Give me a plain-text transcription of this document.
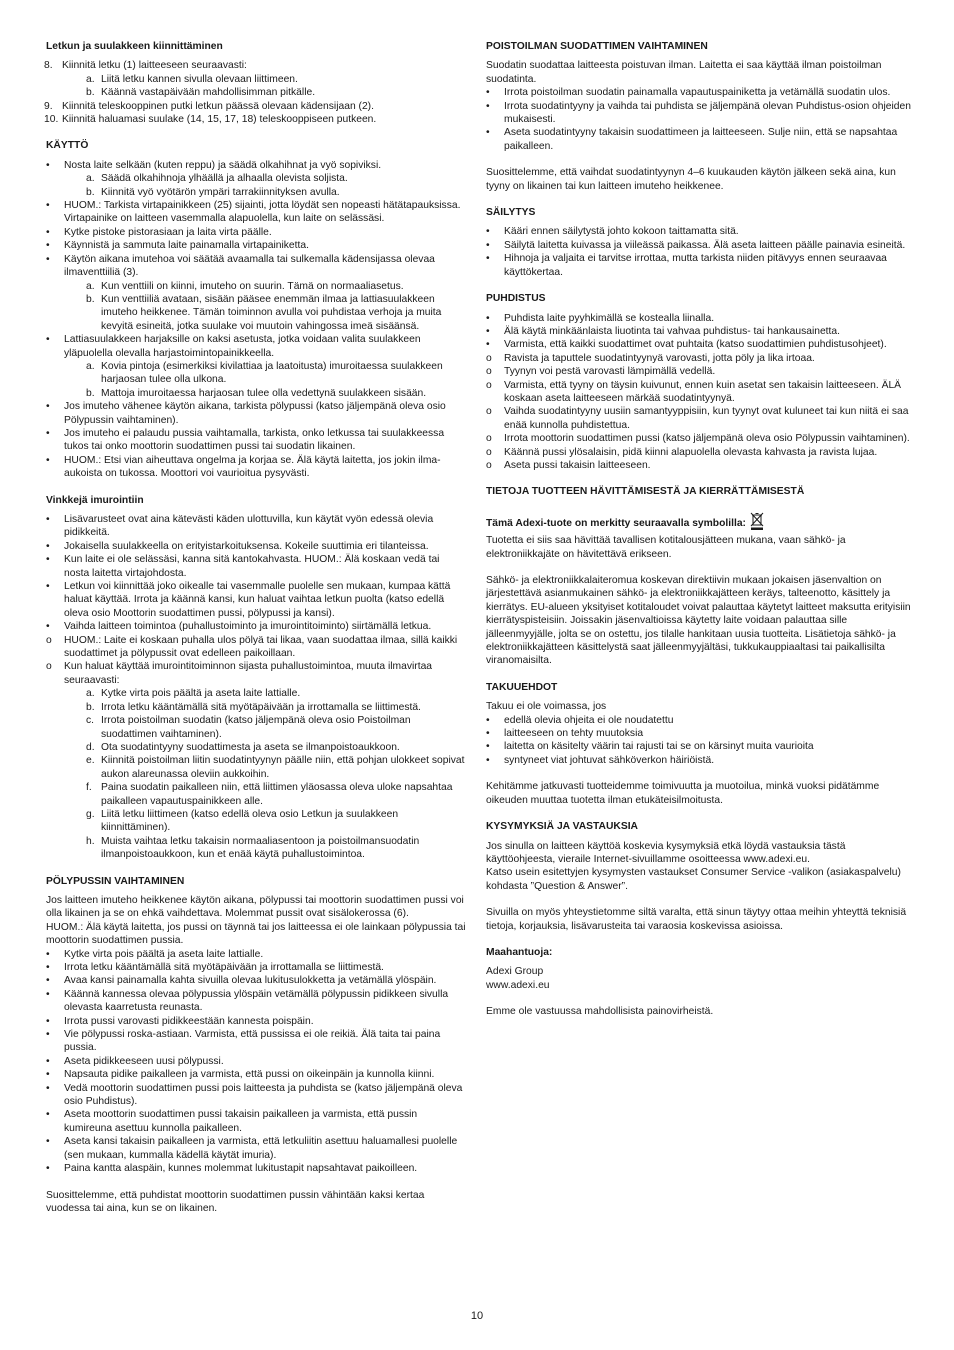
Letkun ja suulakkeen kiinnittäminen
8. Kiinnitä letku (1) laitteeseen seuraavasti:
a. Liitä letku kannen sivulla olevaan liittimeen.
b. Käännä vastapäivään mahdollisimman pitkälle.
9. Kiinnitä teleskooppinen putki letkun päässä olevaan kädensijaan (2).
10. Kiinnitä haluamasi suulake (14, 15, 17, 18) teleskooppiseen putkeen.
KÄYTTÖ
•	Nosta laite selkään (kuten reppu) ja säädä olkahihnat ja vyö sopiviksi.
a. Säädä olkahihnoja ylhäällä ja alhaalla olevista soljista.
b. Kiinnitä vyö vyötärön ympäri tarrakiinnityksen avulla.
•	HUOM.: Tarkista virtapainikkeen (25) sijainti, jotta löydät sen nopeasti hätätapauksissa. Virtapainike on laitteen vasemmalla alapuolella, kun laite on selässäsi.
•	Kytke pistoke pistorasiaan ja laita virta päälle.
•	Käynnistä ja sammuta laite painamalla virtapainiketta.
•	Käytön aikana imutehoa voi säätää avaamalla tai sulkemalla kädensijassa olevaa ilmaventtiiliä (3).
a. Kun venttiili on kiinni, imuteho on suurin. Tämä on normaaliasetus.
b. Kun venttiiliä avataan, sisään pääsee enemmän ilmaa ja lattiasuulakkeen imuteho heikkenee. Tämän toiminnon avulla voi puhdistaa verhoja ja muita kevyitä esineitä, jotka suulake voi muutoin vahingossa imeä sisäänsä.
•	Lattiasuulakkeen harjaksille on kaksi asetusta, jotka voidaan valita suulakkeen yläpuolella olevalla harjastoimintopainikkeella.
a. Kovia pintoja (esimerkiksi kivilattiaa ja laatoitusta) imuroitaessa suulakkeen harjaosan tulee olla ulkona.
b. Mattoja imuroitaessa harjaosan tulee olla vedettynä suulakkeen sisään.
•	Jos imuteho vähenee käytön aikana, tarkista pölypussi (katso jäljempänä oleva osio Pölypussin vaihtaminen).
•	Jos imuteho ei palaudu pussia vaihtamalla, tarkista, onko letkussa tai suulakkeessa tukos tai onko moottorin suodattimen pussi tai suodatin likainen.
•	HUOM.: Etsi vian aiheuttava ongelma ja korjaa se. Älä käytä laitetta, jos jokin ilma-aukoista on tukossa. Moottori voi vaurioitua pysyvästi.
Vinkkejä imurointiin
•	Lisävarusteet ovat aina kätevästi käden ulottuvilla, kun käytät vyön edessä olevia pidikkeitä.
•	Jokaisella suulakkeella on erityistarkoituksensa. Kokeile suuttimia eri tilanteissa.
•	Kun laite ei ole selässäsi, kanna sitä kantokahvasta. HUOM.: Älä koskaan vedä tai nosta laitetta virtajohdosta.
•	Letkun voi kiinnittää joko oikealle tai vasemmalle puolelle sen mukaan, kumpaa kättä haluat käyttää. Irrota ja käännä kansi, kun haluat vaihtaa letkun puolta (katso edellä oleva osio Moottorin suodattimen pussi, pölypussi ja kansi).
•	Vaihda laitteen toimintoa (puhallustoiminto ja imurointitoiminto) siirtämällä letkua.
o	HUOM.: Laite ei koskaan puhalla ulos pölyä tai likaa, vaan suodattaa ilmaa, sillä kaikki suodattimet ja pölypussit ovat edelleen paikoillaan.
o	Kun haluat käyttää imurointitoiminnon sijasta puhallustoimintoa, muuta ilmavirtaa seuraavasti:
a. Kytke virta pois päältä ja aseta laite lattialle.
b. Irrota letku kääntämällä sitä myötäpäivään ja irrottamalla se liittimestä.
c. Irrota poistoilman suodatin (katso jäljempänä oleva osio Poistoilman suodattimen vaihtaminen).
d. Ota suodatintyyny suodattimesta ja aseta se ilmanpoistoaukkoon.
e. Kiinnitä poistoilman liitin suodatintyynyn päälle niin, että pohjan ulokkeet sopivat aukon alareunassa oleviin aukkoihin.
f. Paina suodatin paikalleen niin, että liittimen yläosassa oleva uloke napsahtaa paikalleen vapautuspainikkeen alle.
g. Liitä letku liittimeen (katso edellä oleva osio Letkun ja suulakkeen kiinnittäminen).
h. Muista vaihtaa letku takaisin normaaliasentoon ja poistoilmansuodatin ilmanpoistoaukkoon, kun et enää käytä puhallustoimintoa.
PÖLYPUSSIN VAIHTAMINEN

Jos laitteen imuteho heikkenee käytön aikana, pölypussi tai moottorin suodattimen pussi voi olla likainen ja se on ehkä vaihdettava. Molemmat pussit ovat sisälokerossa (6).

HUOM.: Älä käytä laitetta, jos pussi on täynnä tai jos laitteessa ei ole lainkaan pölypussia tai moottorin suodattimen pussia.

•	Kytke virta pois päältä ja aseta laite lattialle.
•	Irrota letku kääntämällä sitä myötäpäivään ja irrottamalla se liittimestä.
•	Avaa kansi painamalla kahta sivuilla olevaa lukitusulokketta ja vetämällä ylöspäin.
•	Käännä kannessa olevaa pölypussia ylöspäin vetämällä pölypussin pidikkeen sivulla olevasta kaarretusta reunasta.
•	Irrota pussi varovasti pidikkeestään kannesta poispäin.
•	Vie pölypussi roska-astiaan. Varmista, että pussissa ei ole reikiä. Älä taita tai paina pussia.
•	Aseta pidikkeeseen uusi pölypussi.
•	Napsauta pidike paikalleen ja varmista, että pussi on oikeinpäin ja kunnolla kiinni.
•	Vedä moottorin suodattimen pussi pois laitteesta ja puhdista se (katso jäljempänä oleva osio Puhdistus).
•	Aseta moottorin suodattimen pussi takaisin paikalleen ja varmista, että pussin kumireuna asettuu kunnolla paikalleen.
•	Aseta kansi takaisin paikalleen ja varmista, että letkuliitin asettuu haluamallesi puolelle (sen mukaan, kummalla kädellä käytät imuria).
•	Paina kantta alaspäin, kunnes molemmat lukitustapit napsahtavat paikoilleen.

Suosittelemme, että puhdistat moottorin suodattimen pussin vähintään kaksi kertaa vuodessa tai aina, kun se on likainen.

POISTOILMAN SUODATTIMEN VAIHTAMINEN

Suodatin suodattaa laitteesta poistuvan ilman. Laitetta ei saa käyttää ilman poistoilman suodatinta.

•	Irrota poistoilman suodatin painamalla vapautuspainiketta ja vetämällä suodatin ulos.
•	Irrota suodatintyyny ja vaihda tai puhdista se jäljempänä olevan Puhdistus-osion ohjeiden mukaisesti.
•	Aseta suodatintyyny takaisin suodattimeen ja laitteeseen. Sulje niin, että se napsahtaa paikalleen.

Suosittelemme, että vaihdat suodatintyynyn 4–6 kuukauden käytön jälkeen sekä aina, kun tyyny on likainen tai kun laitteen imuteho heikkenee.

SÄILYTYS
•	Kääri ennen säilytystä johto kokoon taittamatta sitä.
•	Säilytä laitetta kuivassa ja viileässä paikassa. Älä aseta laitteen päälle painavia esineitä.
•	Hihnoja ja valjaita ei tarvitse irrottaa, mutta tarkista niiden pitävyys ennen seuraavaa käyttökertaa.
PUHDISTUS
•	Puhdista laite pyyhkimällä se kostealla liinalla.
•	Älä käytä minkäänlaista liuotinta tai vahvaa puhdistus- tai hankausainetta.
•	Varmista, että kaikki suodattimet ovat puhtaita (katso suodattimien puhdistusohjeet).
o	Ravista ja taputtele suodatintyynyä varovasti, jotta pöly ja lika irtoaa.
o	Tyynyn voi pestä varovasti lämpimällä vedellä.
o	Varmista, että tyyny on täysin kuivunut, ennen kuin asetat sen takaisin laitteeseen. ÄLÄ koskaan aseta laitteeseen märkää suodatintyynyä.
o	Vaihda suodatintyyny uusiin samantyyppisiin, kun tyynyt ovat kuluneet tai kun niitä ei saa enää kunnolla puhdistettua.
o	Irrota moottorin suodattimen pussi (katso jäljempänä oleva osio Pölypussin vaihtaminen).
o	Käännä pussi ylösalaisin, pidä kiinni alapuolella olevasta kahvasta ja ravista lujaa.
o	Aseta pussi takaisin laitteeseen.
TIETOJA TUOTTEEN HÄVITTÄMISESTÄ JA KIERRÄTTÄMISESTÄ
Tämä Adexi-tuote on merkitty seuraavalla symbolilla:

Tuotetta ei siis saa hävittää tavallisen kotitalousjätteen mukana, vaan sähkö- ja elektroniikkajäte on hävitettävä erikseen.

Sähkö- ja elektroniikkalaiteromua koskevan direktiivin mukaan jokaisen jäsenvaltion on järjestettävä asianmukainen sähkö- ja elektroniikkajätteen keräys, talteenotto, käsittely ja kierrätys. EU-alueen yksityiset kotitaloudet voivat palauttaa käytetyt laitteet maksutta erityisiin kierrätyspisteisiin. Joissakin jäsenvaltioissa käytetty laite voidaan palauttaa sille jälleenmyyjälle, jolta se on ostettu, jos tilalle hankitaan uusia tuotteita. Lisätietoja sähkö- ja elektroniikkajätteen käsittelystä saat jälleenmyyjältäsi, tukkukauppiaaltasi tai paikallisilta viranomaisilta.

TAKUUEHDOT

Takuu ei ole voimassa, jos

•	edellä olevia ohjeita ei ole noudatettu
•	laitteeseen on tehty muutoksia
•	laitetta on käsitelty väärin tai rajusti tai se on kärsinyt muita vaurioita
•	syntyneet viat johtuvat sähköverkon häiriöistä.

Kehitämme jatkuvasti tuotteidemme toimivuutta ja muotoilua, minkä vuoksi pidätämme oikeuden muuttaa tuotetta ilman etukäteisilmoitusta.

KYSYMYKSIÄ JA VASTAUKSIA

Jos sinulla on laitteen käyttöä koskevia kysymyksiä etkä löydä vastauksia tästä käyttöohjeesta, vieraile Internet-sivuillamme osoitteessa www.adexi.eu.

Katso usein esitettyjen kysymysten vastaukset Consumer Service -valikon (asiakaspalvelu) kohdasta ”Question & Answer”.

Sivuilla on myös yhteystietomme siltä varalta, että sinun täytyy ottaa meihin yhteyttä teknisiä tietoja, korjauksia, lisävarusteita tai varaosia koskevissa asioissa.

Maahantuoja:

Adexi Group

www.adexi.eu

Emme ole vastuussa mahdollisista painovirheistä.

10
